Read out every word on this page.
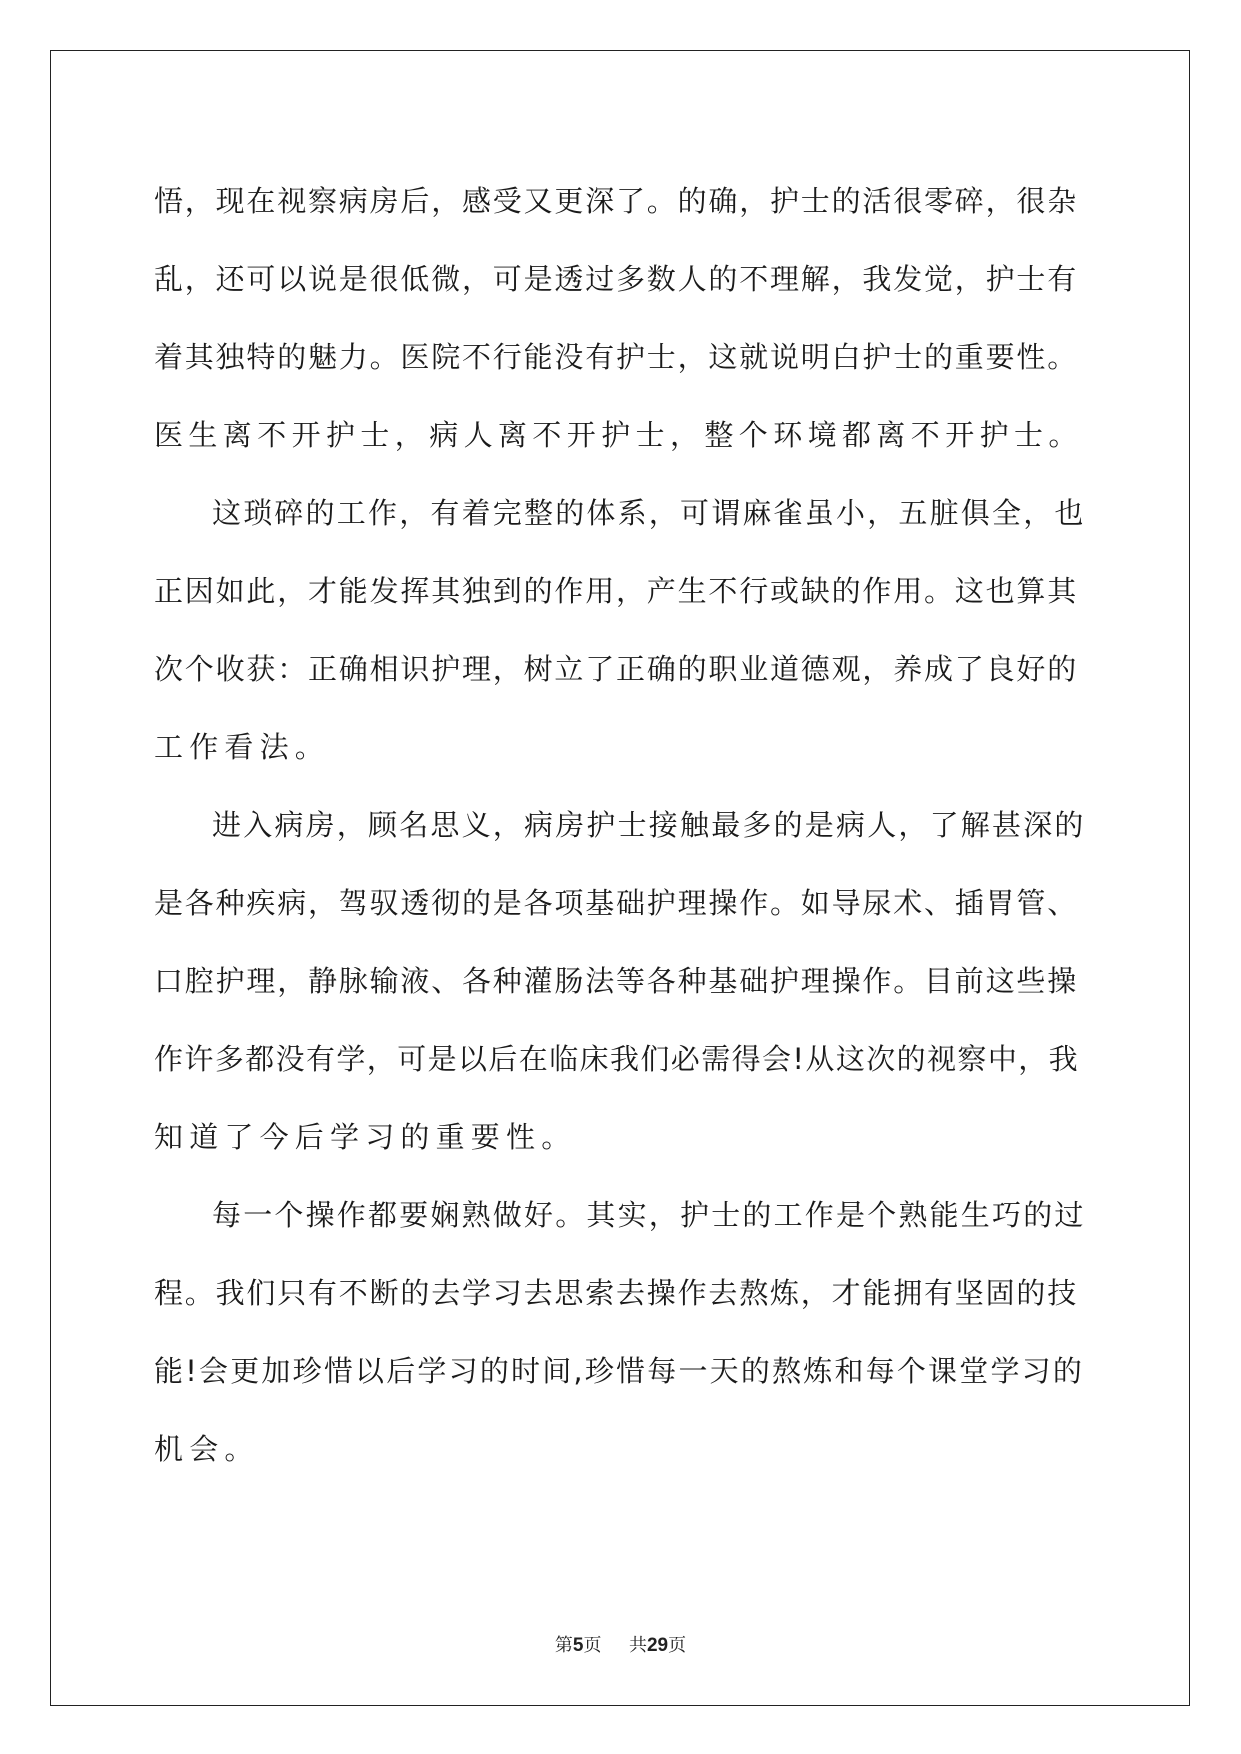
悟，现在视察病房后，感受又更深了。的确，护士的活很零碎，很杂
乱，还可以说是很低微，可是透过多数人的不理解，我发觉，护士有
着其独特的魅力。医院不行能没有护士，这就说明白护士的重要性。
医生离不开护士，病人离不开护士，整个环境都离不开护士。

这琐碎的工作，有着完整的体系，可谓麻雀虽小，五脏俱全，也
正因如此，才能发挥其独到的作用，产生不行或缺的作用。这也算其
次个收获：正确相识护理，树立了正确的职业道德观，养成了良好的
工作看法。

进入病房，顾名思义，病房护士接触最多的是病人，了解甚深的
是各种疾病，驾驭透彻的是各项基础护理操作。如导尿术、插胃管、
口腔护理，静脉输液、各种灌肠法等各种基础护理操作。目前这些操
作许多都没有学，可是以后在临床我们必需得会!从这次的视察中，我
知道了今后学习的重要性。

每一个操作都要娴熟做好。其实，护士的工作是个熟能生巧的过
程。我们只有不断的去学习去思索去操作去熬炼，才能拥有坚固的技
能!会更加珍惜以后学习的时间,珍惜每一天的熬炼和每个课堂学习的
机会。

第5页 共29页
